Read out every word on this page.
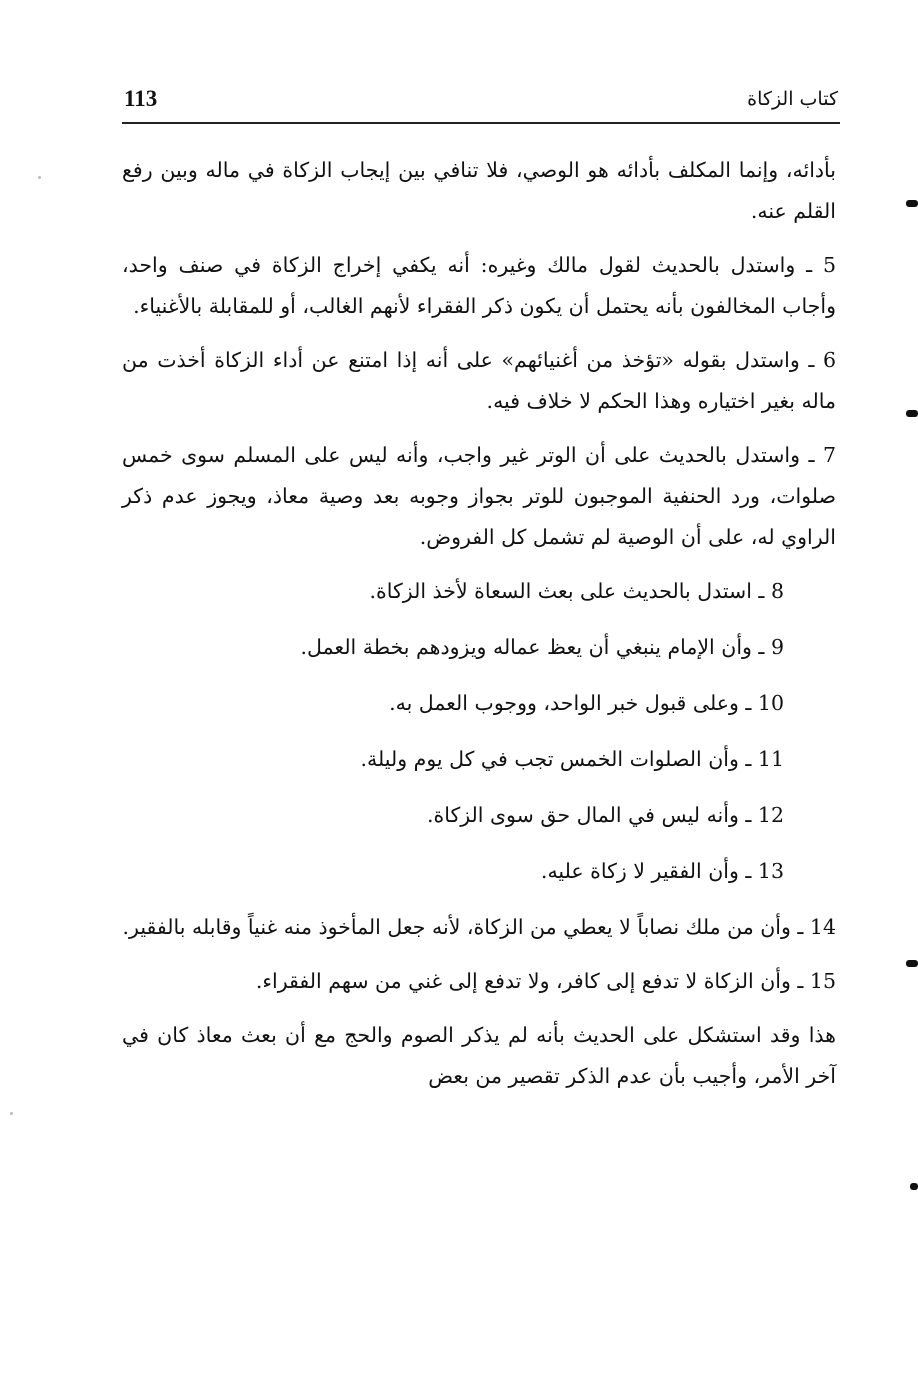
113	كتاب الزكاة

بأدائه، وإنما المكلف بأدائه هو الوصي، فلا تنافي بين إيجاب الزكاة في ماله وبين رفع القلم عنه.

5 ـ واستدل بالحديث لقول مالك وغيره: أنه يكفي إخراج الزكاة في صنف واحد، وأجاب المخالفون بأنه يحتمل أن يكون ذكر الفقراء لأنهم الغالب، أو للمقابلة بالأغنياء.

6 ـ واستدل بقوله «تؤخذ من أغنيائهم» على أنه إذا امتنع عن أداء الزكاة أخذت من ماله بغير اختياره وهذا الحكم لا خلاف فيه.

7 ـ واستدل بالحديث على أن الوتر غير واجب، وأنه ليس على المسلم سوى خمس صلوات، ورد الحنفية الموجبون للوتر بجواز وجوبه بعد وصية معاذ، ويجوز عدم ذكر الراوي له، على أن الوصية لم تشمل كل الفروض.

8 ـ استدل بالحديث على بعث السعاة لأخذ الزكاة.

9 ـ وأن الإمام ينبغي أن يعظ عماله ويزودهم بخطة العمل.

10 ـ وعلى قبول خبر الواحد، ووجوب العمل به.

11 ـ وأن الصلوات الخمس تجب في كل يوم وليلة.

12 ـ وأنه ليس في المال حق سوى الزكاة.

13 ـ وأن الفقير لا زكاة عليه.

14 ـ وأن من ملك نصاباً لا يعطي من الزكاة، لأنه جعل المأخوذ منه غنياً وقابله بالفقير.

15 ـ وأن الزكاة لا تدفع إلى كافر، ولا تدفع إلى غني من سهم الفقراء.

هذا وقد استشكل على الحديث بأنه لم يذكر الصوم والحج مع أن بعث معاذ كان في آخر الأمر، وأجيب بأن عدم الذكر تقصير من بعض
